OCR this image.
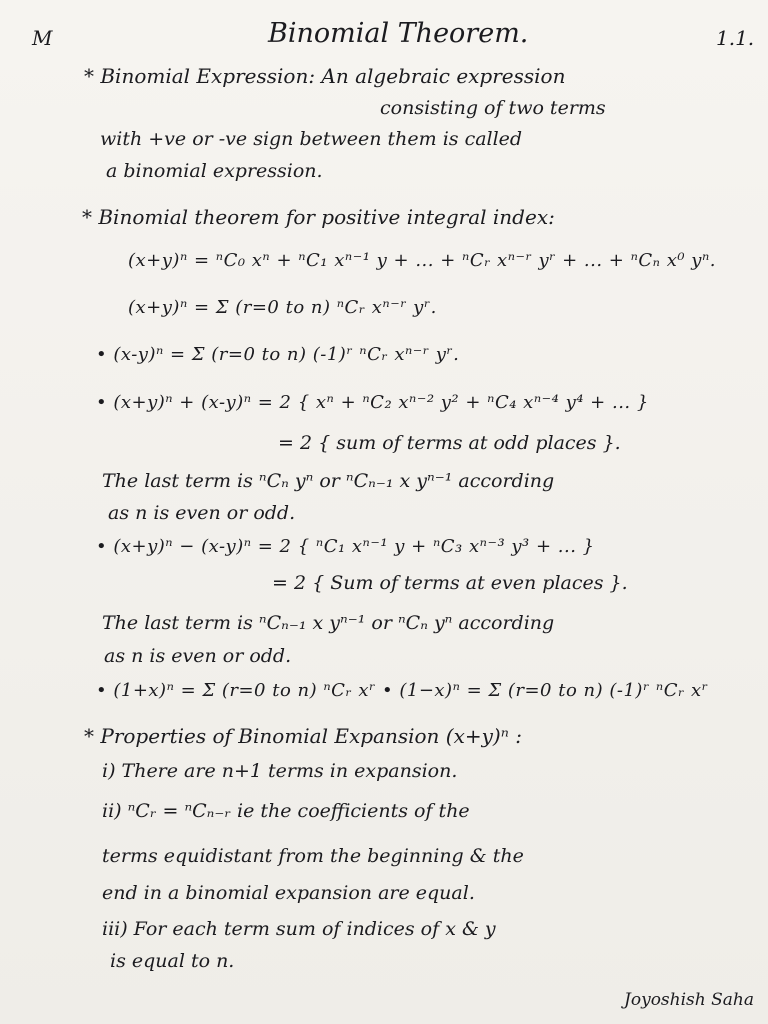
M	Binomial Theorem.	1.1.
* Binomial Expression: An algebraic expression
consisting of two terms
with +ve or -ve sign between them is called
a binomial expression.
* Binomial theorem for positive integral index:
(x+y)ⁿ = ⁿC₀ xⁿ + ⁿC₁ xⁿ⁻¹ y + ... + ⁿCᵣ xⁿ⁻ʳ yʳ + ... + ⁿCₙ x⁰ yⁿ.
(x+y)ⁿ = Σ (r=0 to n) ⁿCᵣ xⁿ⁻ʳ yʳ.
• (x-y)ⁿ = Σ (r=0 to n) (-1)ʳ ⁿCᵣ xⁿ⁻ʳ yʳ.
• (x+y)ⁿ + (x-y)ⁿ = 2 { xⁿ + ⁿC₂ xⁿ⁻² y² + ⁿC₄ xⁿ⁻⁴ y⁴ + ... }
= 2 { sum of terms at odd places }.
The last term is ⁿCₙ yⁿ or ⁿCₙ₋₁ x yⁿ⁻¹ according
as n is even or odd.
• (x+y)ⁿ − (x-y)ⁿ = 2 { ⁿC₁ xⁿ⁻¹ y + ⁿC₃ xⁿ⁻³ y³ + ... }
= 2 { Sum of terms at even places }.
The last term is ⁿCₙ₋₁ x yⁿ⁻¹ or ⁿCₙ yⁿ according
as n is even or odd.
• (1+x)ⁿ = Σ (r=0 to n) ⁿCᵣ xʳ • (1−x)ⁿ = Σ (r=0 to n) (-1)ʳ ⁿCᵣ xʳ
* Properties of Binomial Expansion (x+y)ⁿ :
i) There are n+1 terms in expansion.
ii) ⁿCᵣ = ⁿCₙ₋ᵣ ie the coefficients of the
terms equidistant from the beginning & the
end in a binomial expansion are equal.
iii) For each term sum of indices of x & y
is equal to n.
Joyoshish Saha
